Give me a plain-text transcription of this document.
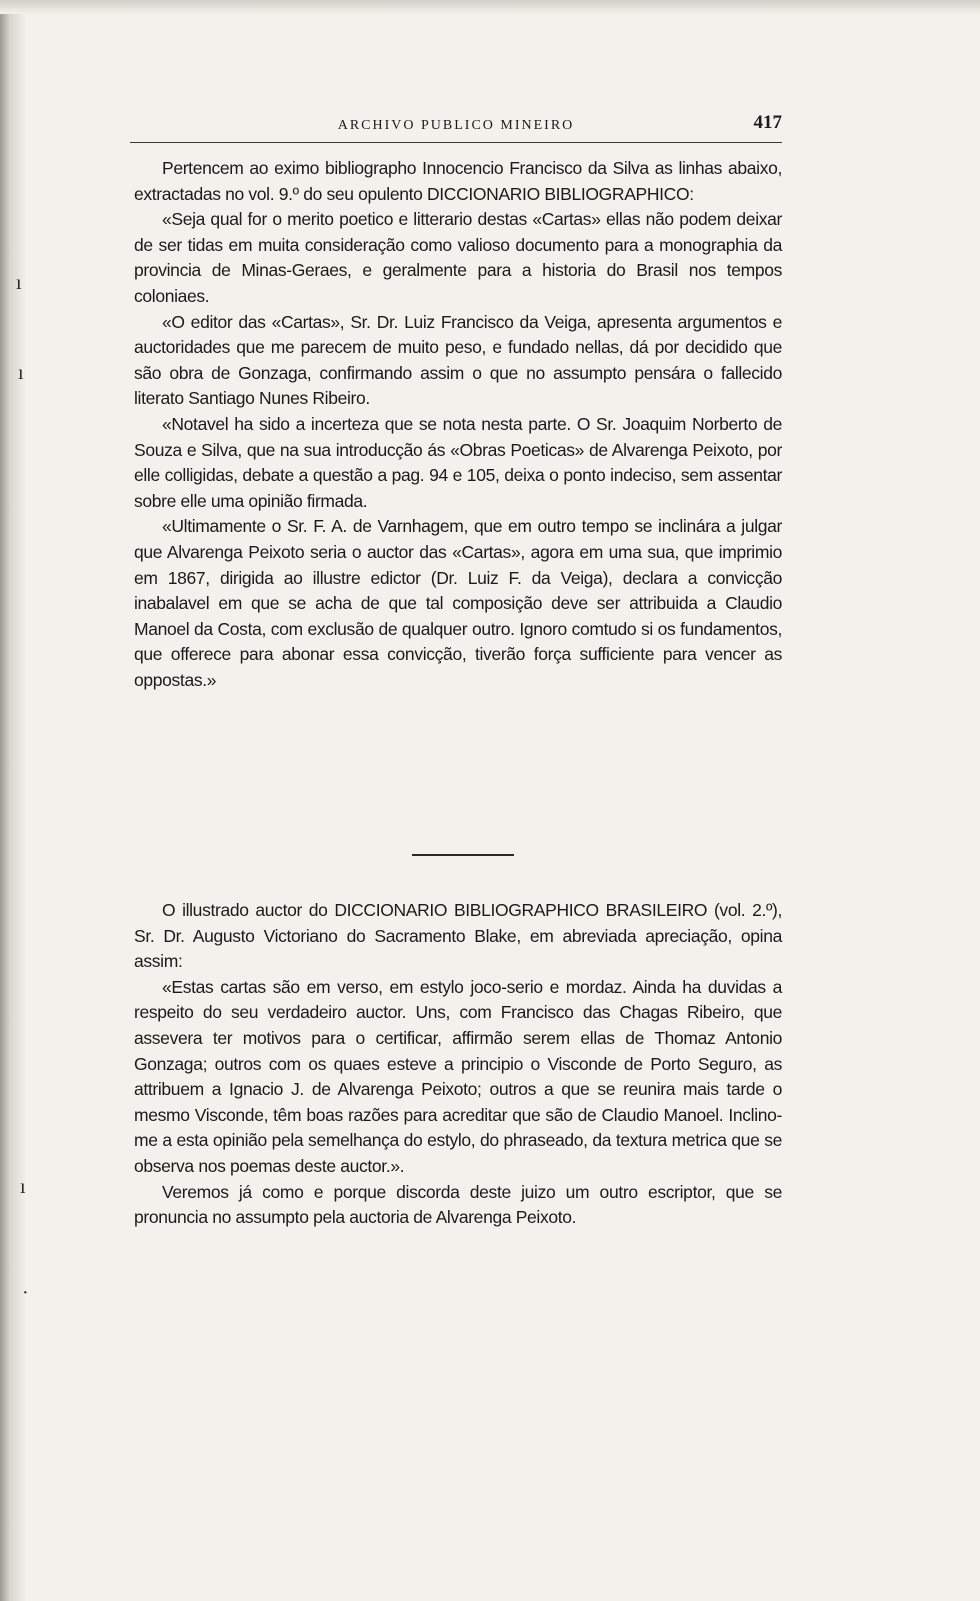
ı
ı
ı
·
ARCHIVO PUBLICO MINEIRO	417

Pertencem ao eximo bibliographo Innocencio Francisco da Silva as linhas abaixo, extractadas no vol. 9.º do seu opulento DICCIONARIO BIBLIOGRAPHICO:

«Seja qual for o merito poetico e litterario destas «Cartas» ellas não podem deixar de ser tidas em muita consideração como valioso documento para a monographia da provincia de Minas-Geraes, e geralmente para a historia do Brasil nos tempos coloniaes.

«O editor das «Cartas», Sr. Dr. Luiz Francisco da Veiga, apresenta argumentos e auctoridades que me parecem de muito peso, e fundado nellas, dá por decidido que são obra de Gonzaga, confirmando assim o que no assumpto pensára o fallecido literato Santiago Nunes Ribeiro.

«Notavel ha sido a incerteza que se nota nesta parte. O Sr. Joaquim Norberto de Souza e Silva, que na sua introducção ás «Obras Poeticas» de Alvarenga Peixoto, por elle colligidas, debate a questão a pag. 94 e 105, deixa o ponto indeciso, sem assentar sobre elle uma opinião firmada.

«Ultimamente o Sr. F. A. de Varnhagem, que em outro tempo se inclinára a julgar que Alvarenga Peixoto seria o auctor das «Cartas», agora em uma sua, que imprimio em 1867, dirigida ao illustre edictor (Dr. Luiz F. da Veiga), declara a convicção inabalavel em que se acha de que tal composição deve ser attribuida a Claudio Manoel da Costa, com exclusão de qualquer outro. Ignoro comtudo si os fundamentos, que offerece para abonar essa convicção, tiverão força sufficiente para vencer as oppostas.»

O illustrado auctor do DICCIONARIO BIBLIOGRAPHICO BRASILEIRO (vol. 2.º), Sr. Dr. Augusto Victoriano do Sacramento Blake, em abreviada apreciação, opina assim:

«Estas cartas são em verso, em estylo joco-serio e mordaz. Ainda ha duvidas a respeito do seu verdadeiro auctor. Uns, com Francisco das Chagas Ribeiro, que assevera ter motivos para o certificar, affirmão serem ellas de Thomaz Antonio Gonzaga; outros com os quaes esteve a principio o Visconde de Porto Seguro, as attribuem a Ignacio J. de Alvarenga Peixoto; outros a que se reunira mais tarde o mesmo Visconde, têm boas razões para acreditar que são de Claudio Manoel. Inclino-me a esta opinião pela semelhança do estylo, do phraseado, da textura metrica que se observa nos poemas deste auctor.».

Veremos já como e porque discorda deste juizo um outro escriptor, que se pronuncia no assumpto pela auctoria de Alvarenga Peixoto.
